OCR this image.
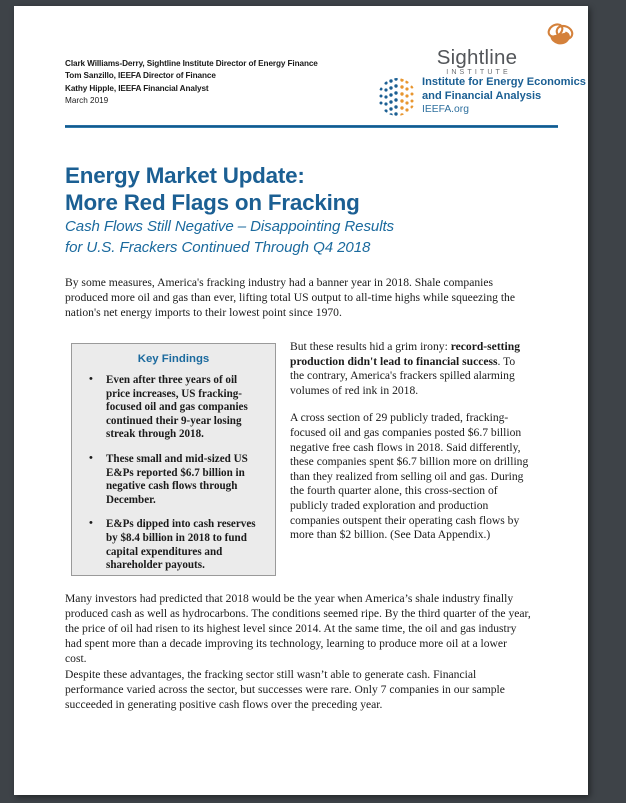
Clark Williams-Derry, Sightline Institute Director of Energy Finance
Tom Sanzillo, IEEFA Director of Finance
Kathy Hipple, IEEFA Financial Analyst
March 2019
Sightline
INSTITUTE
Institute for Energy Economics
and Financial Analysis
IEEFA.org
Energy Market Update:
More Red Flags on Fracking
Cash Flows Still Negative – Disappointing Results
for U.S. Frackers Continued Through Q4 2018
By some measures, America's fracking industry had a banner year in 2018. Shale companies produced more oil and gas than ever, lifting total US output to all-time highs while squeezing the nation's net energy imports to their lowest point since 1970.
Key Findings
• Even after three years of oil price increases, US fracking-focused oil and gas companies continued their 9-year losing streak through 2018.
• These small and mid-sized US E&Ps reported $6.7 billion in negative cash flows through December.
• E&Ps dipped into cash reserves by $8.4 billion in 2018 to fund capital expenditures and shareholder payouts.

But these results hid a grim irony: record-setting production didn't lead to financial success. To the contrary, America's frackers spilled alarming volumes of red ink in 2018.

A cross section of 29 publicly traded, fracking-focused oil and gas companies posted $6.7 billion negative free cash flows in 2018. Said differently, these companies spent $6.7 billion more on drilling than they realized from selling oil and gas. During the fourth quarter alone, this cross-section of publicly traded exploration and production companies outspent their operating cash flows by more than $2 billion. (See Data Appendix.)

Many investors had predicted that 2018 would be the year when America’s shale industry finally produced cash as well as hydrocarbons. The conditions seemed ripe. By the third quarter of the year, the price of oil had risen to its highest level since 2014. At the same time, the oil and gas industry had spent more than a decade improving its technology, learning to produce more oil at a lower cost.
Despite these advantages, the fracking sector still wasn’t able to generate cash. Financial performance varied across the sector, but successes were rare. Only 7 companies in our sample succeeded in generating positive cash flows over the preceding year.
